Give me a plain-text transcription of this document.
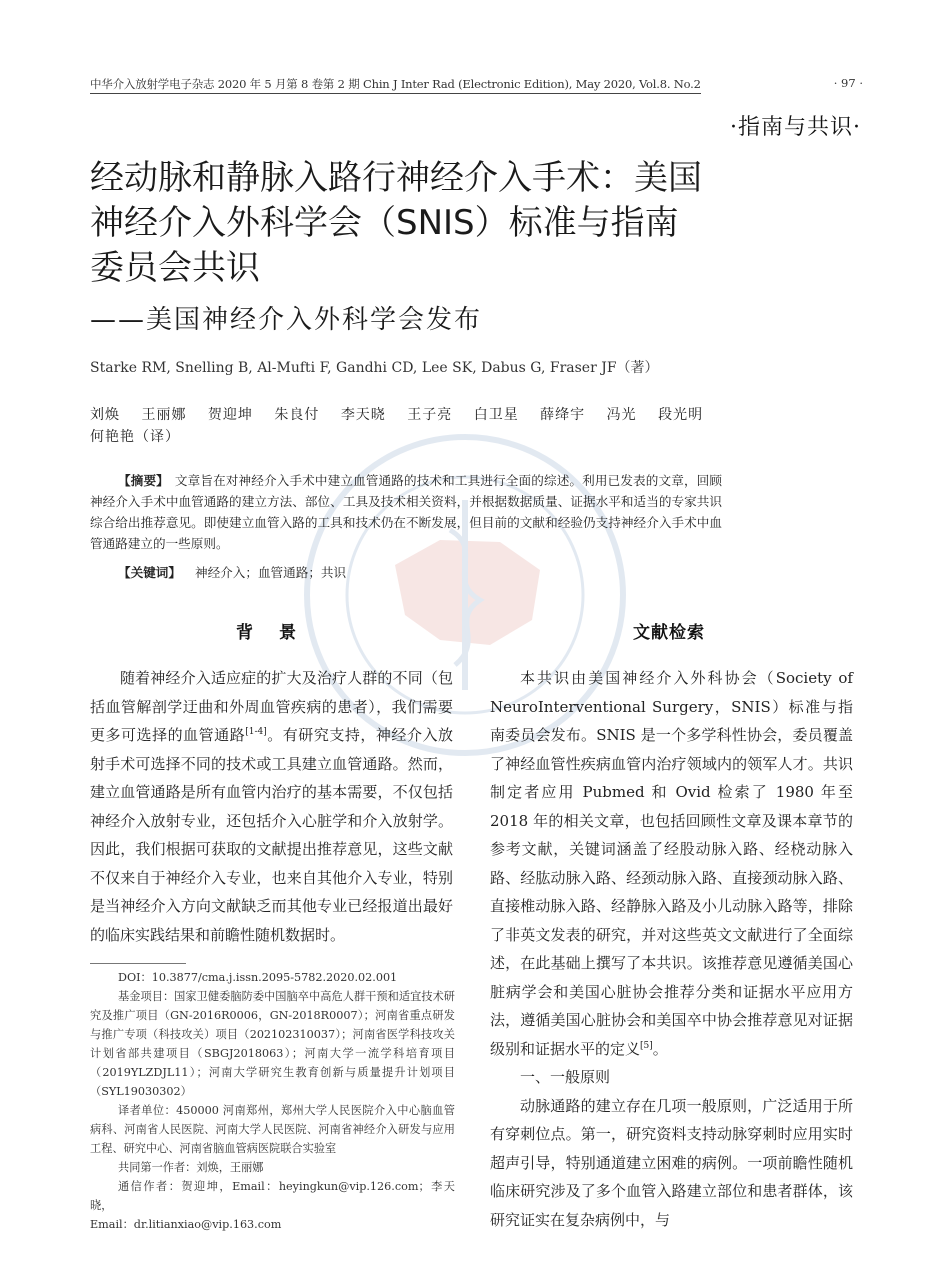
中华介入放射学电子杂志 2020 年 5 月第 8 卷第 2 期 Chin J Inter Rad (Electronic Edition), May 2020, Vol.8. No.2	· 97 ·
·指南与共识·
经动脉和静脉入路行神经介入手术：美国
神经介入外科学会（SNIS）标准与指南
委员会共识
——美国神经介入外科学会发布
Starke RM, Snelling B, Al-Mufti F, Gandhi CD, Lee SK, Dabus G, Fraser JF（著）
刘焕 王丽娜 贺迎坤 朱良付 李天晓 王子亮 白卫星 薛绛宇 冯光 段光明 何艳艳（译）
【摘要】 文章旨在对神经介入手术中建立血管通路的技术和工具进行全面的综述。利用已发表的文章，回顾神经介入手术中血管通路的建立方法、部位、工具及技术相关资料，并根据数据质量、证据水平和适当的专家共识综合给出推荐意见。即使建立血管入路的工具和技术仍在不断发展，但目前的文献和经验仍支持神经介入手术中血管通路建立的一些原则。
【关键词】 神经介入；血管通路；共识
背景	文献检索

随着神经介入适应症的扩大及治疗人群的不同（包括血管解剖学迂曲和外周血管疾病的患者），我们需要更多可选择的血管通路[1-4]。有研究支持，神经介入放射手术可选择不同的技术或工具建立血管通路。然而，建立血管通路是所有血管内治疗的基本需要，不仅包括神经介入放射专业，还包括介入心脏学和介入放射学。因此，我们根据可获取的文献提出推荐意见，这些文献不仅来自于神经介入专业，也来自其他介入专业，特别是当神经介入方向文献缺乏而其他专业已经报道出最好的临床实践结果和前瞻性随机数据时。

DOI：10.3877/cma.j.issn.2095-5782.2020.02.001

基金项目：国家卫健委脑防委中国脑卒中高危人群干预和适宜技术研究及推广项目（GN-2016R0006，GN-2018R0007）；河南省重点研发与推广专项（科技攻关）项目（202102310037）；河南省医学科技攻关计划省部共建项目（SBGJ2018063）；河南大学一流学科培育项目（2019YLZDJL11）；河南大学研究生教育创新与质量提升计划项目（SYL19030302）

译者单位：450000 河南郑州，郑州大学人民医院介入中心脑血管病科、河南省人民医院、河南大学人民医院、河南省神经介入研发与应用工程、研究中心、河南省脑血管病医院联合实验室

共同第一作者：刘焕，王丽娜

通信作者：贺迎坤，Email：heyingkun@vip.126.com；李天晓，

Email：dr.litianxiao@vip.163.com

本共识由美国神经介入外科协会（Society of NeuroInterventional Surgery，SNIS）标准与指南委员会发布。SNIS 是一个多学科性协会，委员覆盖了神经血管性疾病血管内治疗领域内的领军人才。共识制定者应用 Pubmed 和 Ovid 检索了 1980 年至 2018 年的相关文章，也包括回顾性文章及课本章节的参考文献，关键词涵盖了经股动脉入路、经桡动脉入路、经肱动脉入路、经颈动脉入路、直接颈动脉入路、直接椎动脉入路、经静脉入路及小儿动脉入路等，排除了非英文发表的研究，并对这些英文文献进行了全面综述，在此基础上撰写了本共识。该推荐意见遵循美国心脏病学会和美国心脏协会推荐分类和证据水平应用方法，遵循美国心脏协会和美国卒中协会推荐意见对证据级别和证据水平的定义[5]。

一、一般原则

动脉通路的建立存在几项一般原则，广泛适用于所有穿刺位点。第一，研究资料支持动脉穿刺时应用实时超声引导，特别通道建立困难的病例。一项前瞻性随机临床研究涉及了多个血管入路建立部位和患者群体，该研究证实在复杂病例中，与
